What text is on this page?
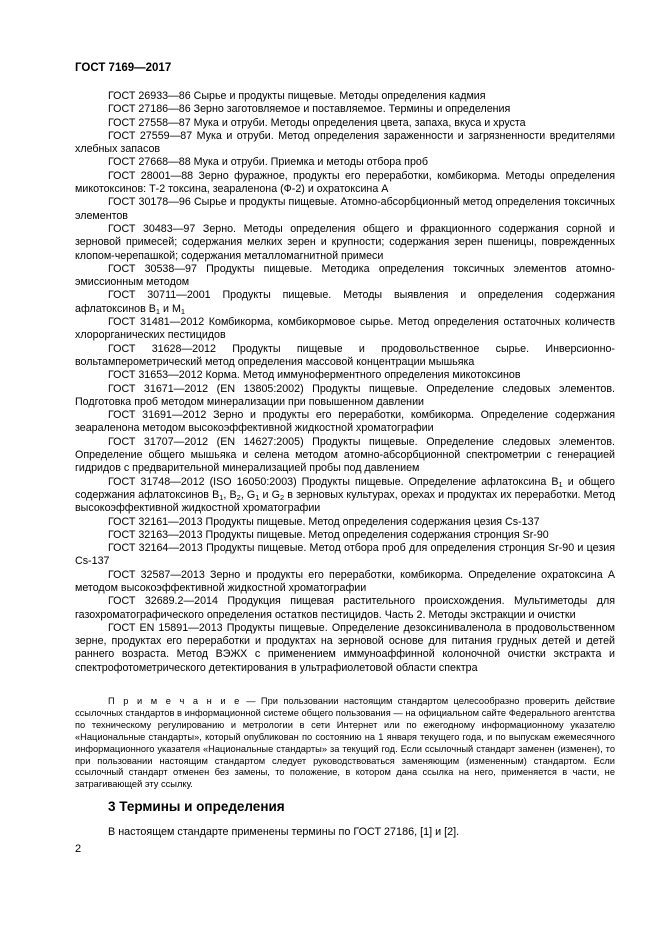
ГОСТ 7169—2017

ГОСТ 26933—86 Сырье и продукты пищевые. Методы определения кадмия

ГОСТ 27186—86 Зерно заготовляемое и поставляемое. Термины и определения

ГОСТ 27558—87 Мука и отруби. Методы определения цвета, запаха, вкуса и хруста

ГОСТ 27559—87 Мука и отруби. Метод определения зараженности и загрязненности вредителями хлебных запасов

ГОСТ 27668—88 Мука и отруби. Приемка и методы отбора проб

ГОСТ 28001—88 Зерно фуражное, продукты его переработки, комбикорма. Методы определения микотоксинов: Т-2 токсина, зеараленона (Ф-2) и охратоксина А

ГОСТ 30178—96 Сырье и продукты пищевые. Атомно-абсорбционный метод определения токсичных элементов

ГОСТ 30483—97 Зерно. Методы определения общего и фракционного содержания сорной и зерновой примесей; содержания мелких зерен и крупности; содержания зерен пшеницы, поврежденных клопом-черепашкой; содержания металломагнитной примеси

ГОСТ 30538—97 Продукты пищевые. Методика определения токсичных элементов атомно-эмиссионным методом

ГОСТ 30711—2001 Продукты пищевые. Методы выявления и определения содержания афлатоксинов $В_1$ и $М_1$

ГОСТ 31481—2012 Комбикорма, комбикормовое сырье. Метод определения остаточных количеств хлорорганических пестицидов

ГОСТ 31628—2012 Продукты пищевые и продовольственное сырье. Инверсионно-вольтамперометрический метод определения массовой концентрации мышьяка

ГОСТ 31653—2012 Корма. Метод иммуноферментного определения микотоксинов

ГОСТ 31671—2012 (EN 13805:2002) Продукты пищевые. Определение следовых элементов. Подготовка проб методом минерализации при повышенном давлении

ГОСТ 31691—2012 Зерно и продукты его переработки, комбикорма. Определение содержания зеараленона методом высокоэффективной жидкостной хроматографии

ГОСТ 31707—2012 (EN 14627:2005) Продукты пищевые. Определение следовых элементов. Определение общего мышьяка и селена методом атомно-абсорбционной спектрометрии с генерацией гидридов с предварительной минерализацией пробы под давлением

ГОСТ 31748—2012 (ISO 16050:2003) Продукты пищевые. Определение афлатоксина $В_1$ и общего содержания афлатоксинов $В_1$, $В_2$, $G_1$ и $G_2$ в зерновых культурах, орехах и продуктах их переработки. Метод высокоэффективной жидкостной хроматографии

ГОСТ 32161—2013 Продукты пищевые. Метод определения содержания цезия Cs-137

ГОСТ 32163—2013 Продукты пищевые. Метод определения содержания стронция Sr-90

ГОСТ 32164—2013 Продукты пищевые. Метод отбора проб для определения стронция Sr-90 и цезия Cs-137

ГОСТ 32587—2013 Зерно и продукты его переработки, комбикорма. Определение охратоксина А методом высокоэффективной жидкостной хроматографии

ГОСТ 32689.2—2014 Продукция пищевая растительного происхождения. Мультиметоды для газохроматографического определения остатков пестицидов. Часть 2. Методы экстракции и очистки

ГОСТ EN 15891—2013 Продукты пищевые. Определение дезоксиниваленола в продовольственном зерне, продуктах его переработки и продуктах на зерновой основе для питания грудных детей и детей раннего возраста. Метод ВЭЖХ с применением иммуноаффинной колоночной очистки экстракта и спектрофотометрического детектирования в ультрафиолетовой области спектра

П р и м е ч а н и е — При пользовании настоящим стандартом целесообразно проверить действие ссылочных стандартов в информационной системе общего пользования — на официальном сайте Федерального агентства по техническому регулированию и метрологии в сети Интернет или по ежегодному информационному указателю «Национальные стандарты», который опубликован по состоянию на 1 января текущего года, и по выпускам ежемесячного информационного указателя «Национальные стандарты» за текущий год. Если ссылочный стандарт заменен (изменен), то при пользовании настоящим стандартом следует руководствоваться заменяющим (измененным) стандартом. Если ссылочный стандарт отменен без замены, то положение, в котором дана ссылка на него, применяется в части, не затрагивающей эту ссылку.
3 Термины и определения
В настоящем стандарте применены термины по ГОСТ 27186, [1] и [2].
2
